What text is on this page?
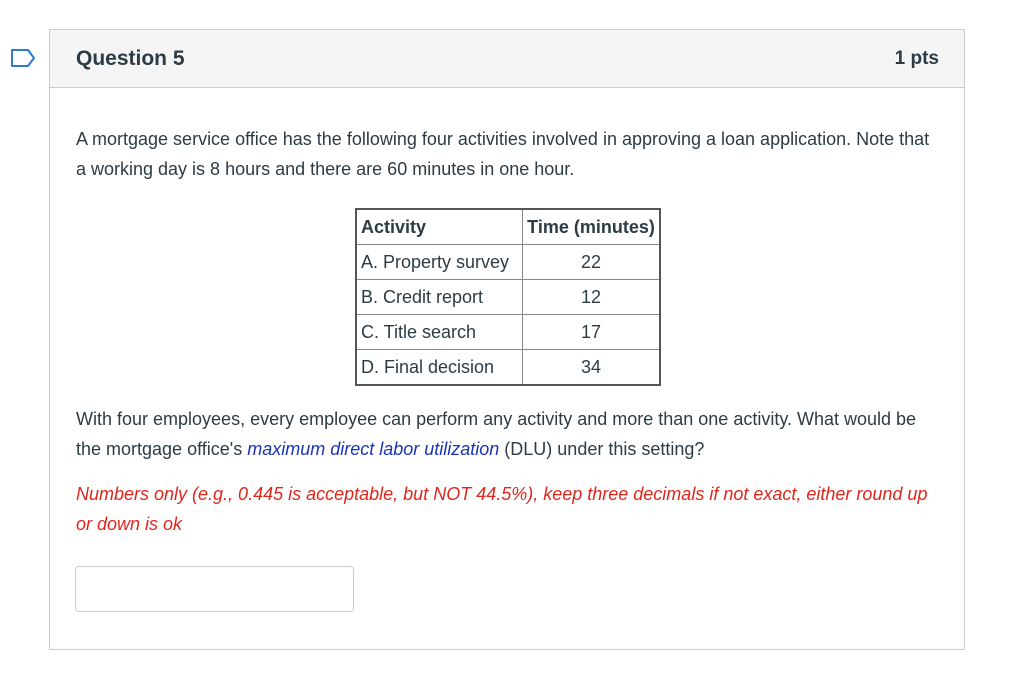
Question 5	1 pts

A mortgage service office has the following four activities involved in approving a loan application. Note that a working day is 8 hours and there are 60 minutes in one hour.

Activity	Time (minutes)
A. Property survey	22
B. Credit report	12
C. Title search	17
D. Final decision	34

With four employees, every employee can perform any activity and more than one activity. What would be the mortgage office's maximum direct labor utilization (DLU) under this setting?

Numbers only (e.g., 0.445 is acceptable, but NOT 44.5%), keep three decimals if not exact, either round up or down is ok
